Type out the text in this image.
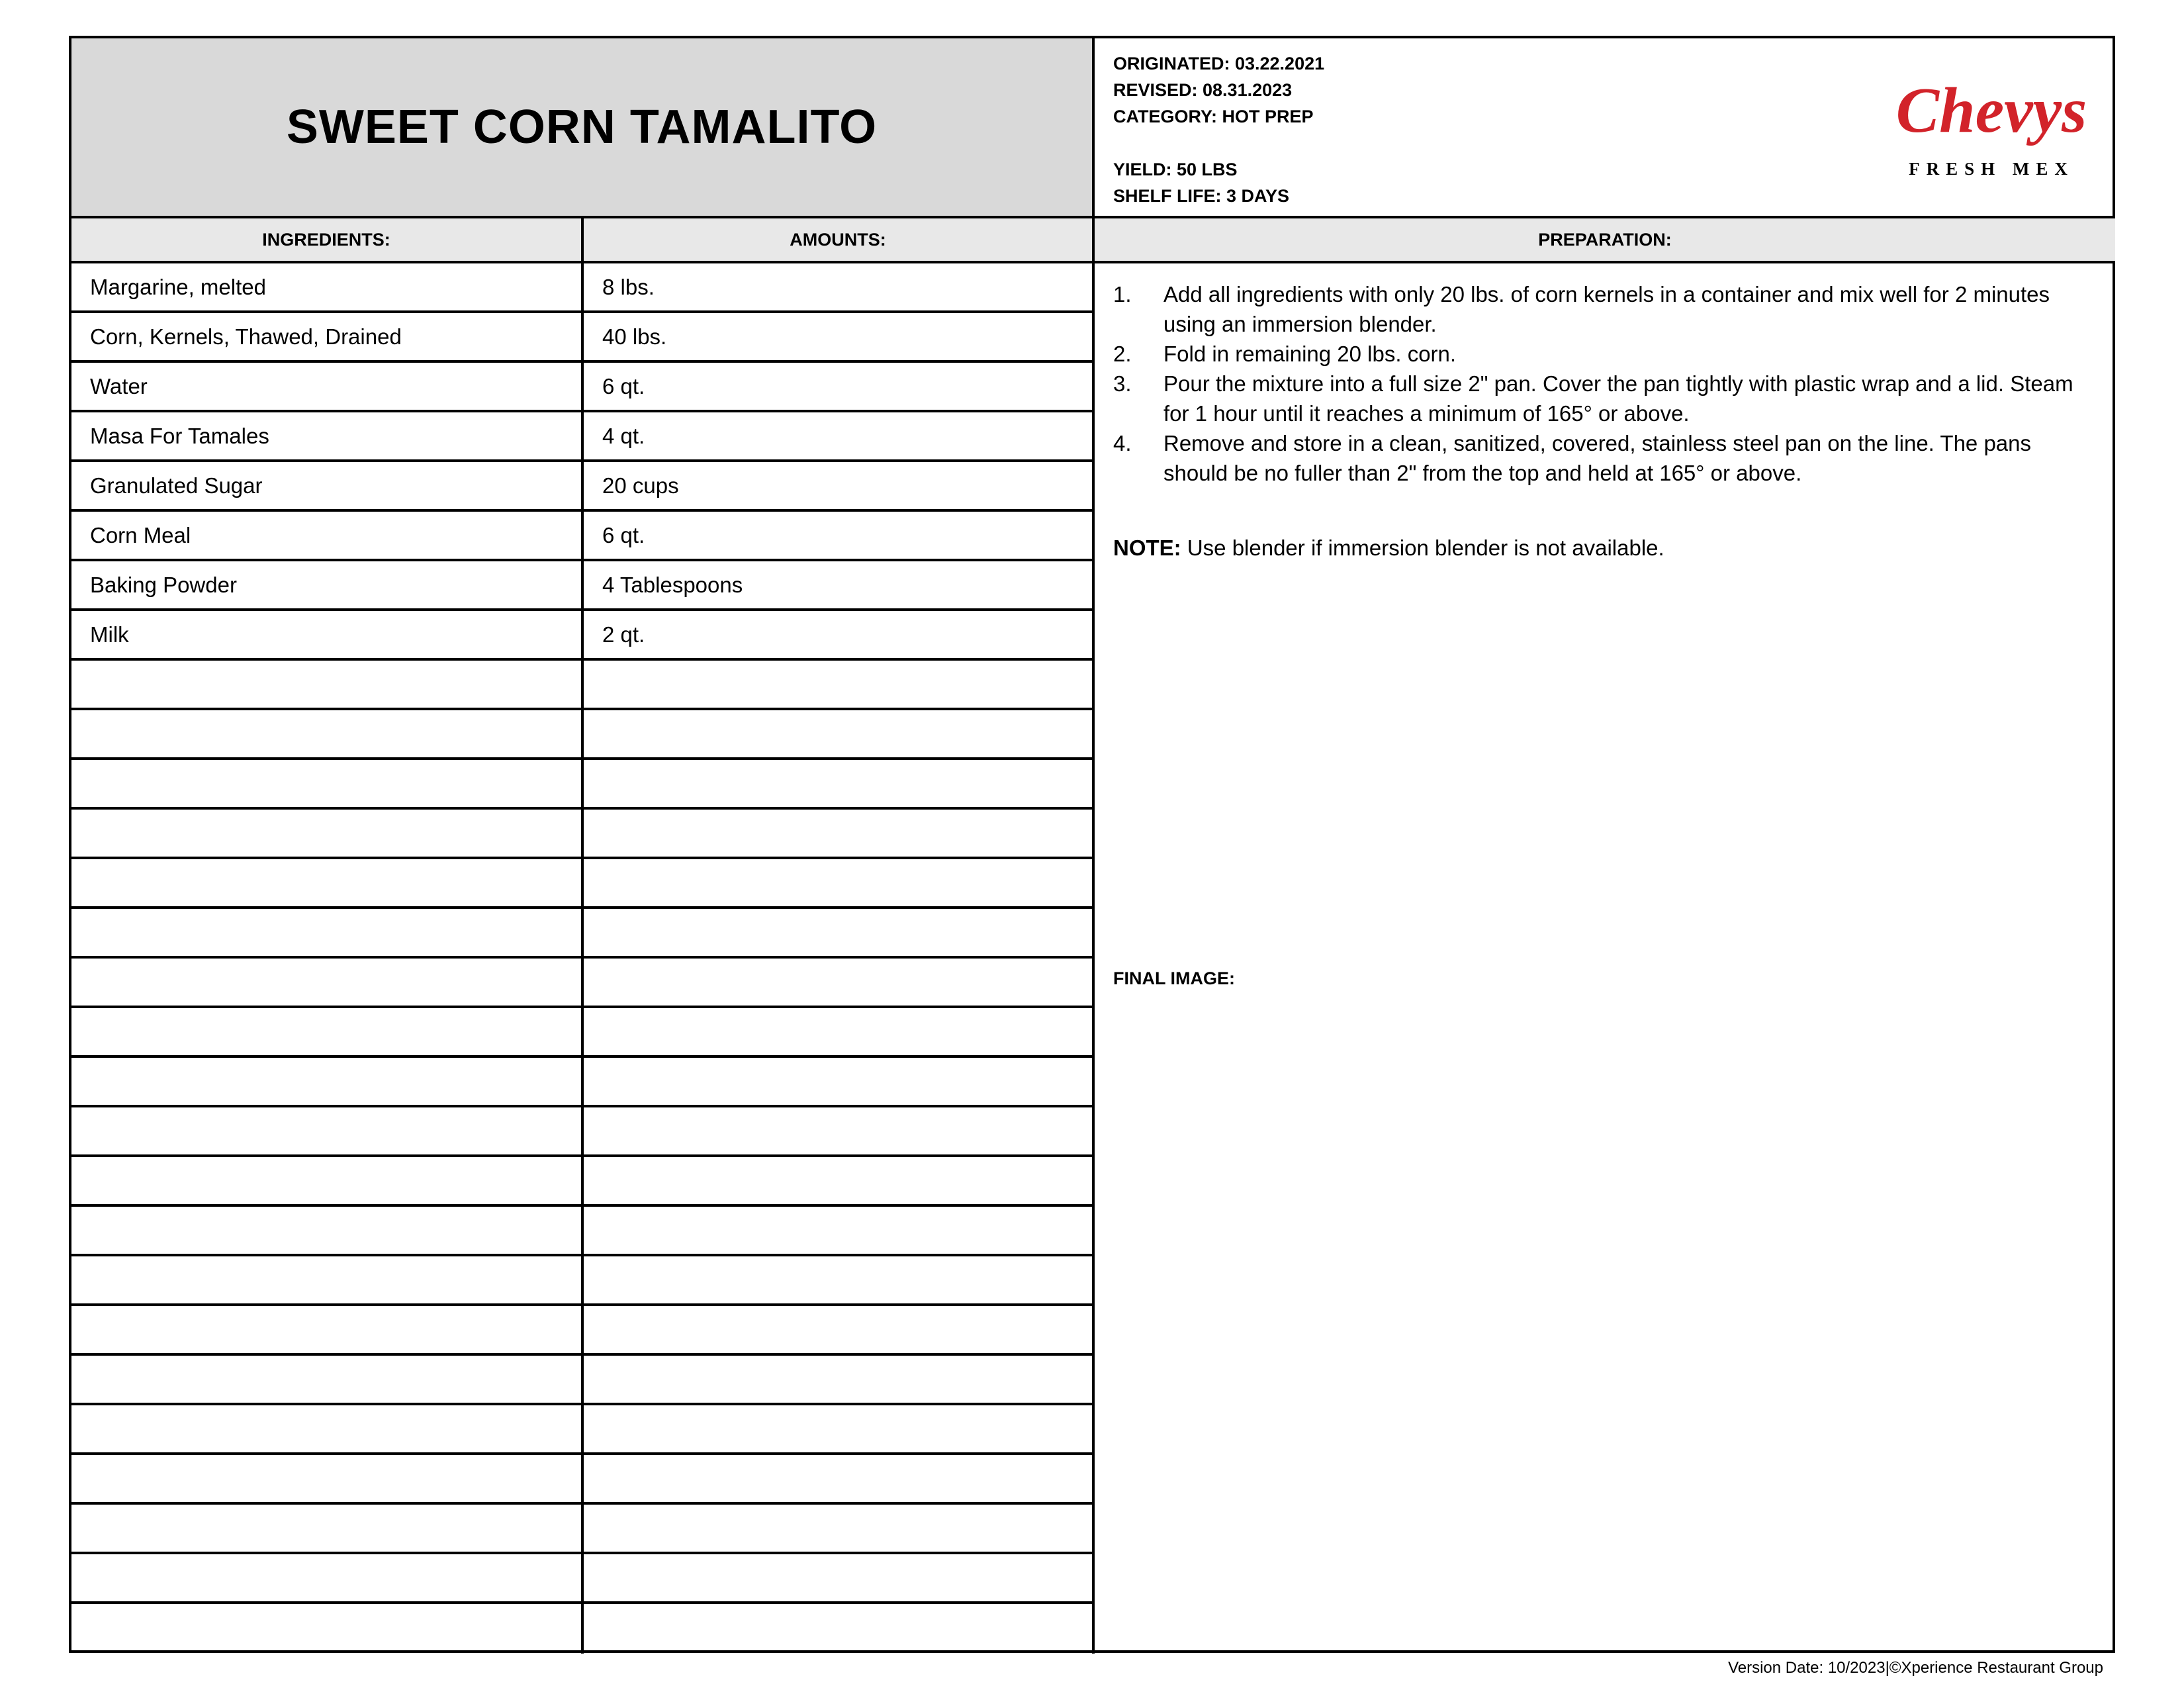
SWEET CORN TAMALITO
ORIGINATED: 03.22.2021
REVISED: 08.31.2023
CATEGORY: HOT PREP
YIELD: 50 LBS
SHELF LIFE: 3 DAYS
Chevys
FRESH MEX
INGREDIENTS:	AMOUNTS:	PREPARATION:
Margarine, melted	8 lbs.
Corn, Kernels, Thawed, Drained	40 lbs.
Water	6 qt.
Masa For Tamales	4 qt.
Granulated Sugar	20 cups
Corn Meal	6 qt.
Baking Powder	4 Tablespoons
Milk	2 qt.
1.	Add all ingredients with only 20 lbs. of corn kernels in a container and mix well for 2 minutes using an immersion blender.
2.	Fold in remaining 20 lbs. corn.
3.	Pour the mixture into a full size 2" pan. Cover the pan tightly with plastic wrap and a lid. Steam for 1 hour until it reaches a minimum of 165° or above.
4.	Remove and store in a clean, sanitized, covered, stainless steel pan on the line. The pans should be no fuller than 2" from the top and held at 165° or above.
NOTE: Use blender if immersion blender is not available.
FINAL IMAGE:
Version Date: 10/2023|©Xperience Restaurant Group
